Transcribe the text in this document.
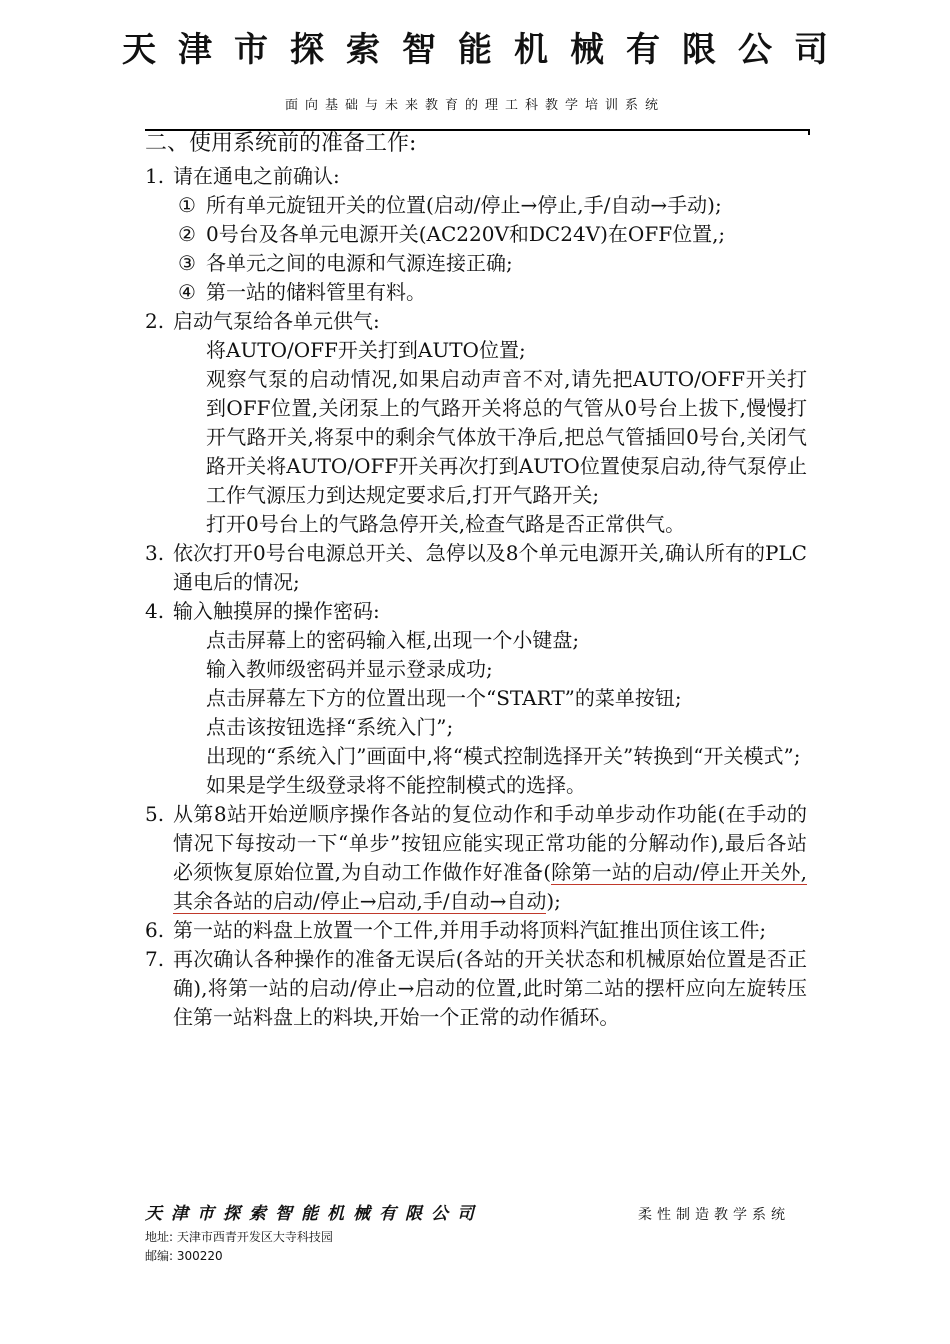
天津市探索智能机械有限公司
面向基础与未来教育的理工科教学培训系统
二、使用系统前的准备工作:
1. 请在通电之前确认:
① 所有单元旋钮开关的位置(启动/停止→停止,手/自动→手动);
② 0号台及各单元电源开关(AC220V和DC24V)在OFF位置,;
③ 各单元之间的电源和气源连接正确;
④ 第一站的储料管里有料。
2. 启动气泵给各单元供气:
将AUTO/OFF开关打到AUTO位置;
观察气泵的启动情况,如果启动声音不对,请先把AUTO/OFF开关打到OFF位置,关闭泵上的气路开关将总的气管从0号台上拔下,慢慢打开气路开关,将泵中的剩余气体放干净后,把总气管插回0号台,关闭气路开关将AUTO/OFF开关再次打到AUTO位置使泵启动,待气泵停止工作气源压力到达规定要求后,打开气路开关;
打开0号台上的气路急停开关,检查气路是否正常供气。
3. 依次打开0号台电源总开关、急停以及8个单元电源开关,确认所有的PLC通电后的情况;
4. 输入触摸屏的操作密码:
点击屏幕上的密码输入框,出现一个小键盘;
输入教师级密码并显示登录成功;
点击屏幕左下方的位置出现一个“START”的菜单按钮;
点击该按钮选择“系统入门”;
出现的“系统入门”画面中,将“模式控制选择开关”转换到“开关模式”;
如果是学生级登录将不能控制模式的选择。
5. 从第8站开始逆顺序操作各站的复位动作和手动单步动作功能(在手动的情况下每按动一下“单步”按钮应能实现正常功能的分解动作),最后各站必须恢复原始位置,为自动工作做作好准备(除第一站的启动/停止开关外,其余各站的启动/停止→启动,手/自动→自动);
6. 第一站的料盘上放置一个工件,并用手动将顶料汽缸推出顶住该工件;
7. 再次确认各种操作的准备无误后(各站的开关状态和机械原始位置是否正确),将第一站的启动/停止→启动的位置,此时第二站的摆杆应向左旋转压住第一站料盘上的料块,开始一个正常的动作循环。
天津市探索智能机械有限公司	柔性制造教学系统
地址: 天津市西青开发区大寺科技园
邮编: 300220
